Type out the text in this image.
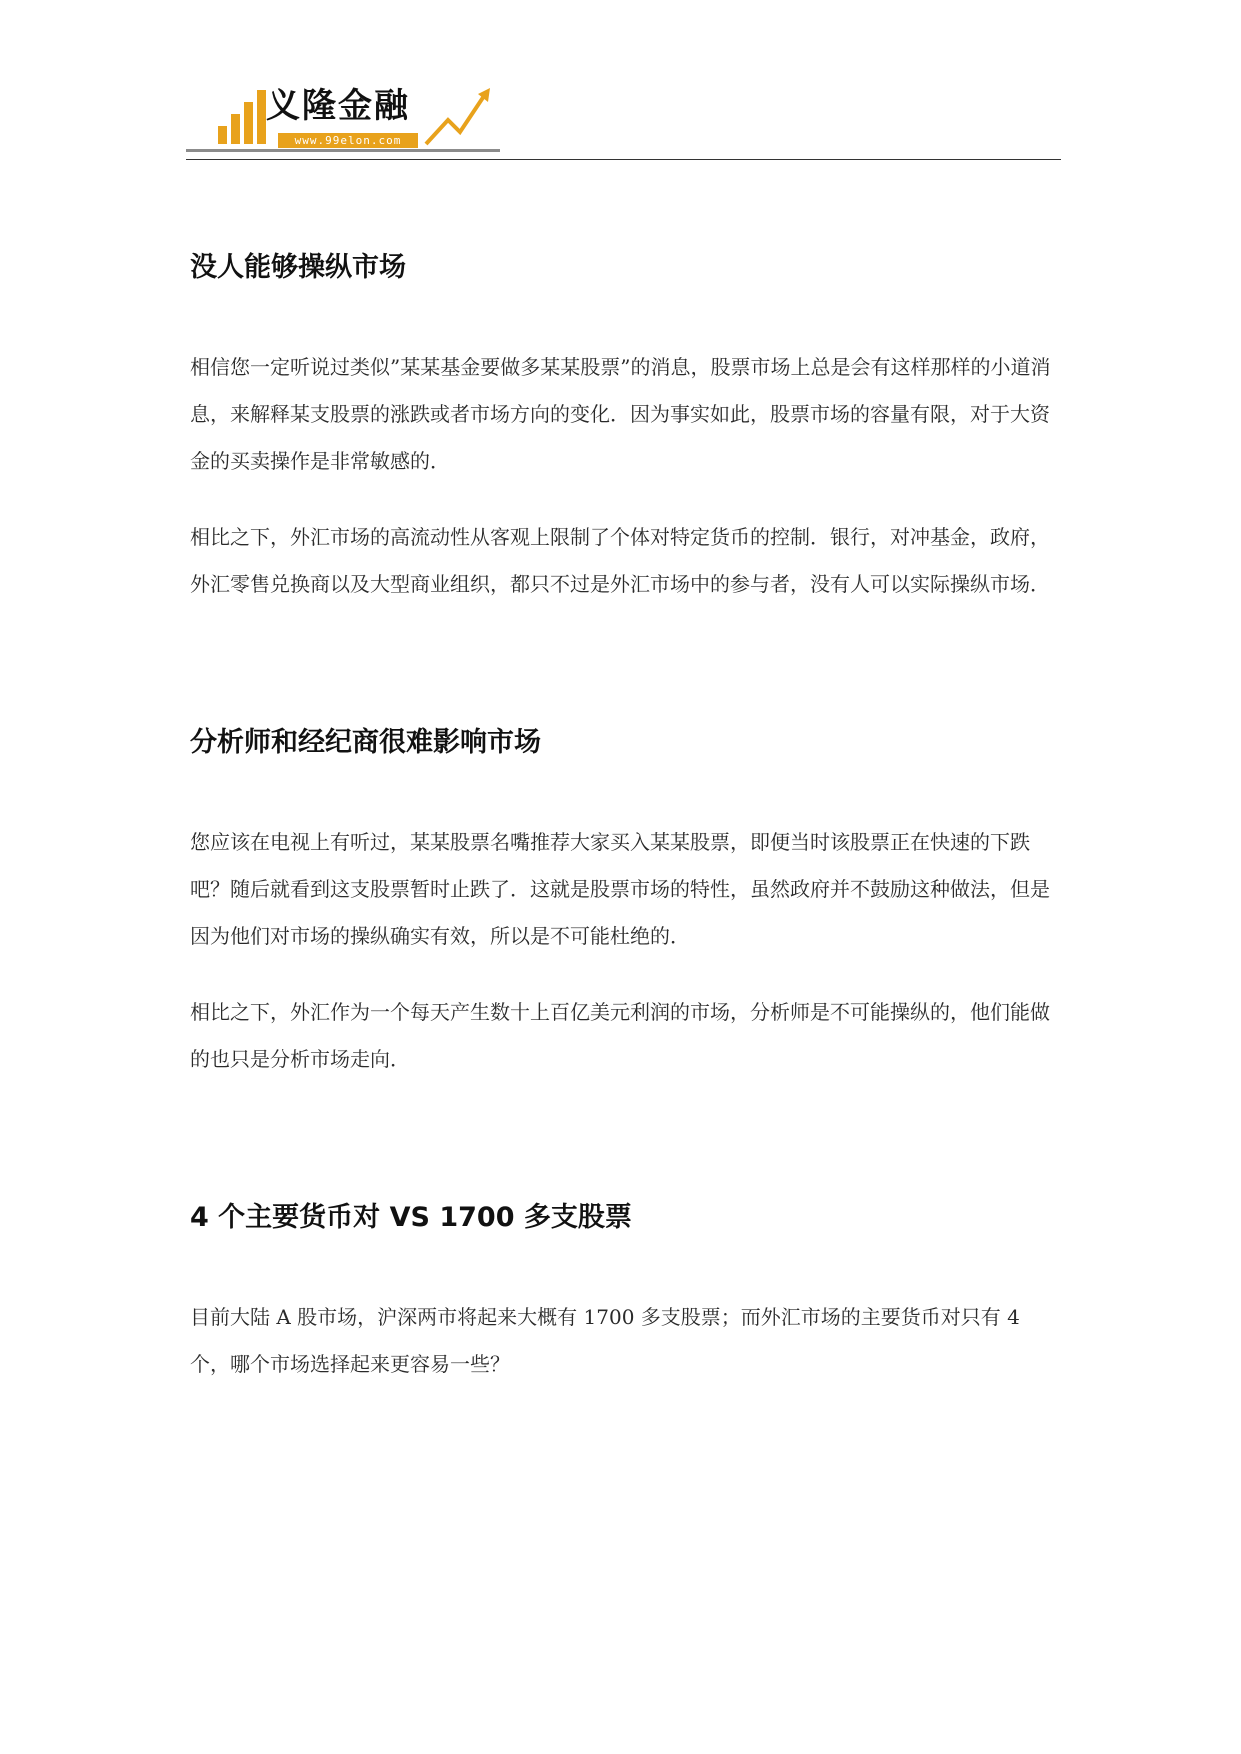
义隆金融
www.99elon.com
没人能够操纵市场

相信您一定听说过类似”某某基金要做多某某股票”的消息，股票市场上总是会有这样那样的小道消息，来解释某支股票的涨跌或者市场方向的变化．因为事实如此，股票市场的容量有限，对于大资金的买卖操作是非常敏感的．

相比之下，外汇市场的高流动性从客观上限制了个体对特定货币的控制．银行，对冲基金，政府，外汇零售兑换商以及大型商业组织，都只不过是外汇市场中的参与者，没有人可以实际操纵市场．

分析师和经纪商很难影响市场

您应该在电视上有听过，某某股票名嘴推荐大家买入某某股票，即便当时该股票正在快速的下跌吧？随后就看到这支股票暂时止跌了．这就是股票市场的特性，虽然政府并不鼓励这种做法，但是因为他们对市场的操纵确实有效，所以是不可能杜绝的．

相比之下，外汇作为一个每天产生数十上百亿美元利润的市场，分析师是不可能操纵的，他们能做的也只是分析市场走向．

4 个主要货币对 VS 1700 多支股票

目前大陆 A 股市场，沪深两市将起来大概有 1700 多支股票；而外汇市场的主要货币对只有 4 个，哪个市场选择起来更容易一些？
